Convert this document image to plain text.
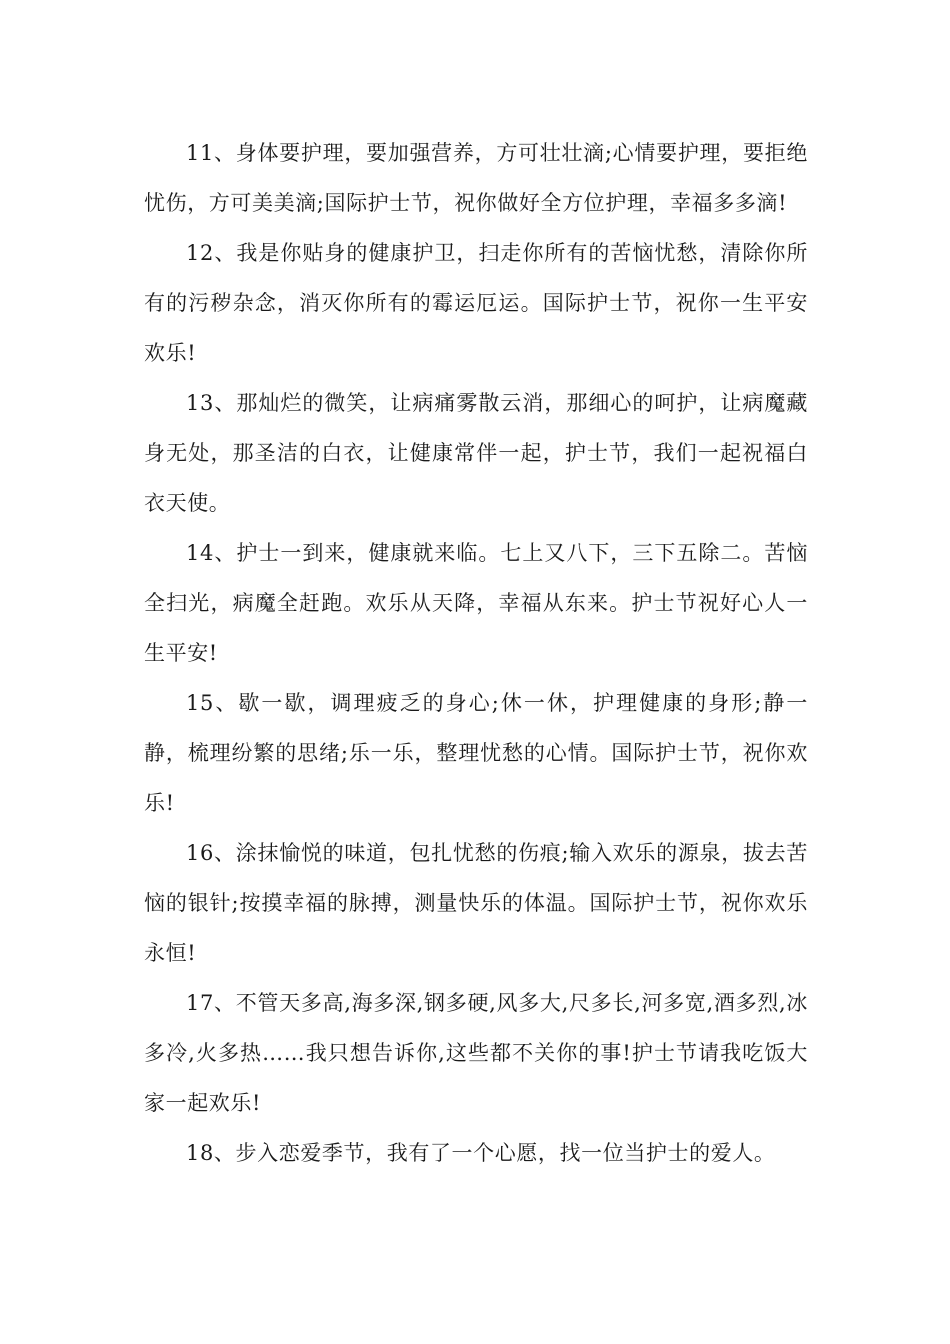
11、身体要护理，要加强营养，方可壮壮滴;心情要护理，要拒绝忧伤，方可美美滴;国际护士节，祝你做好全方位护理，幸福多多滴!

12、我是你贴身的健康护卫，扫走你所有的苦恼忧愁，清除你所有的污秽杂念，消灭你所有的霉运厄运。国际护士节，祝你一生平安欢乐!

13、那灿烂的微笑，让病痛雾散云消，那细心的呵护，让病魔藏身无处，那圣洁的白衣，让健康常伴一起，护士节，我们一起祝福白衣天使。

14、护士一到来，健康就来临。七上又八下，三下五除二。苦恼全扫光，病魔全赶跑。欢乐从天降，幸福从东来。护士节祝好心人一生平安!

15、歇一歇，调理疲乏的身心;休一休，护理健康的身形;静一静，梳理纷繁的思绪;乐一乐，整理忧愁的心情。国际护士节，祝你欢乐!

16、涂抹愉悦的味道，包扎忧愁的伤痕;输入欢乐的源泉，拔去苦恼的银针;按摸幸福的脉搏，测量快乐的体温。国际护士节，祝你欢乐永恒!

17、不管天多高,海多深,钢多硬,风多大,尺多长,河多宽,酒多烈,冰多冷,火多热……我只想告诉你,这些都不关你的事!护士节请我吃饭大家一起欢乐!

18、步入恋爱季节，我有了一个心愿，找一位当护士的爱人。
